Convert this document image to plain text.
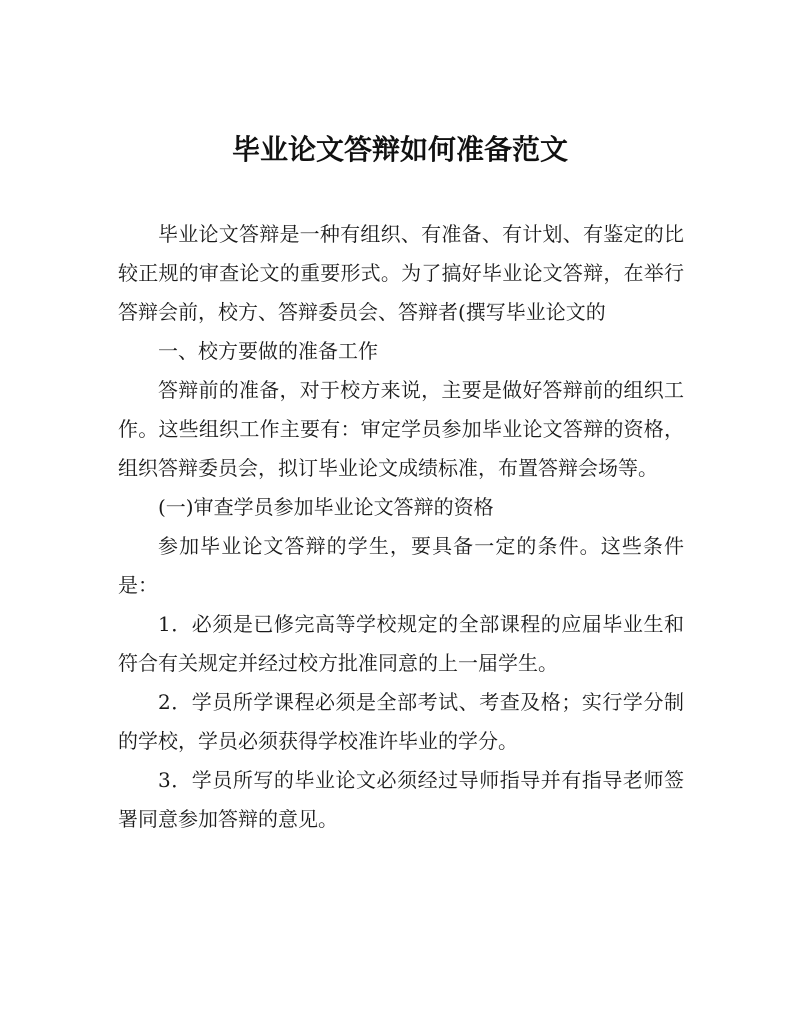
毕业论文答辩如何准备范文

毕业论文答辩是一种有组织、有准备、有计划、有鉴定的比较正规的审查论文的重要形式。为了搞好毕业论文答辩，在举行答辩会前，校方、答辩委员会、答辩者(撰写毕业论文的

一、校方要做的准备工作

答辩前的准备，对于校方来说，主要是做好答辩前的组织工作。这些组织工作主要有：审定学员参加毕业论文答辩的资格，组织答辩委员会，拟订毕业论文成绩标准，布置答辩会场等。

(一)审查学员参加毕业论文答辩的资格

参加毕业论文答辩的学生，要具备一定的条件。这些条件是：

1．必须是已修完高等学校规定的全部课程的应届毕业生和符合有关规定并经过校方批准同意的上一届学生。

2．学员所学课程必须是全部考试、考查及格；实行学分制的学校，学员必须获得学校准许毕业的学分。

3．学员所写的毕业论文必须经过导师指导并有指导老师签署同意参加答辩的意见。
